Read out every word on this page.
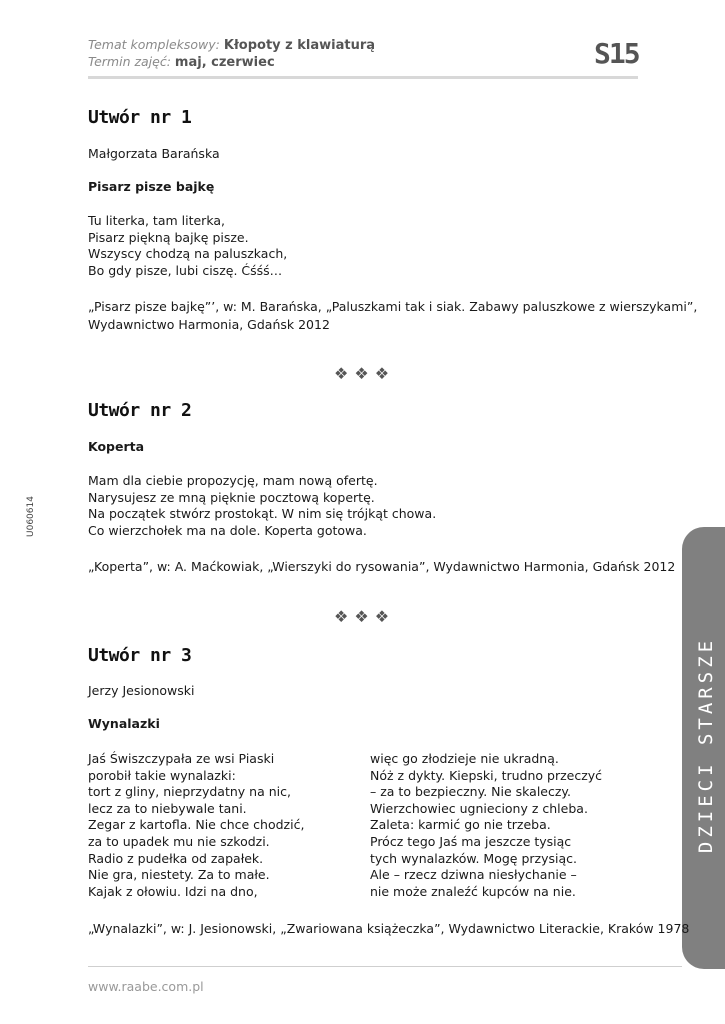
Temat kompleksowy: Kłopoty z klawiaturą
Termin zajęć: maj, czerwiec	S15
U060614
DZIECI STARSZE
Utwór nr 1
Małgorzata Barańska
Pisarz pisze bajkę
Tu literka, tam literka,
Pisarz piękną bajkę pisze.
Wszyscy chodzą na paluszkach,
Bo gdy pisze, lubi ciszę. Ćśśś…
„Pisarz pisze bajkę”’, w: M. Barańska, „Paluszkami tak i siak. Zabawy paluszkowe z wierszykami”,
Wydawnictwo Harmonia, Gdańsk 2012
❖❖❖
Utwór nr 2
Koperta
Mam dla ciebie propozycję, mam nową ofertę.
Narysujesz ze mną pięknie pocztową kopertę.
Na początek stwórz prostokąt. W nim się trójkąt chowa.
Co wierzchołek ma na dole. Koperta gotowa.
„Koperta”, w: A. Maćkowiak, „Wierszyki do rysowania”, Wydawnictwo Harmonia, Gdańsk 2012
❖❖❖
Utwór nr 3
Jerzy Jesionowski
Wynalazki
Jaś Świszczypała ze wsi Piaski
porobił takie wynalazki:
tort z gliny, nieprzydatny na nic,
lecz za to niebywale tani.
Zegar z kartofla. Nie chce chodzić,
za to upadek mu nie szkodzi.
Radio z pudełka od zapałek.
Nie gra, niestety. Za to małe.
Kajak z ołowiu. Idzi na dno,
więc go złodzieje nie ukradną.
Nóż z dykty. Kiepski, trudno przeczyć
– za to bezpieczny. Nie skaleczy.
Wierzchowiec ugnieciony z chleba.
Zaleta: karmić go nie trzeba.
Prócz tego Jaś ma jeszcze tysiąc
tych wynalazków. Mogę przysiąc.
Ale – rzecz dziwna niesłychanie –
nie może znaleźć kupców na nie.
„Wynalazki”, w: J. Jesionowski, „Zwariowana książeczka”, Wydawnictwo Literackie, Kraków 1978
www.raabe.com.pl
